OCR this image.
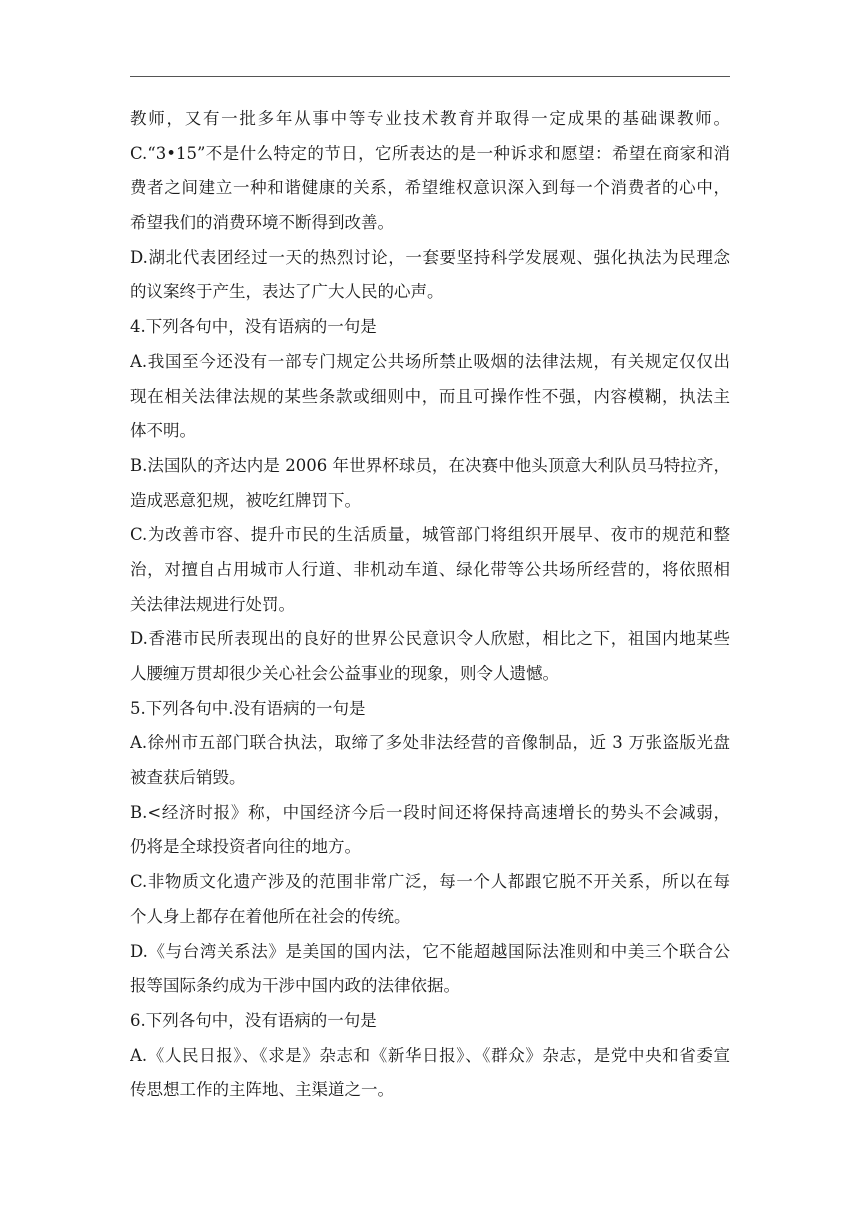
教师，又有一批多年从事中等专业技术教育并取得一定成果的基础课教师。
C.“3•15”不是什么特定的节日，它所表达的是一种诉求和愿望：希望在商家和消
费者之间建立一种和谐健康的关系，希望维权意识深入到每一个消费者的心中，
希望我们的消费环境不断得到改善。
D.湖北代表团经过一天的热烈讨论，一套要坚持科学发展观、强化执法为民理念
的议案终于产生，表达了广大人民的心声。
4.下列各句中，没有语病的一句是
A.我国至今还没有一部专门规定公共场所禁止吸烟的法律法规，有关规定仅仅出
现在相关法律法规的某些条款或细则中，而且可操作性不强，内容模糊，执法主
体不明。
B.法国队的齐达内是 2006 年世界杯球员，在决赛中他头顶意大利队员马特拉齐，
造成恶意犯规，被吃红牌罚下。
C.为改善市容、提升市民的生活质量，城管部门将组织开展早、夜市的规范和整
治，对擅自占用城市人行道、非机动车道、绿化带等公共场所经营的，将依照相
关法律法规进行处罚。
D.香港市民所表现出的良好的世界公民意识令人欣慰，相比之下，祖国内地某些
人腰缠万贯却很少关心社会公益事业的现象，则令人遗憾。
5.下列各句中.没有语病的一句是
A.徐州市五部门联合执法，取缔了多处非法经营的音像制品，近 3 万张盗版光盘
被查获后销毁。
B.<经济时报》称，中国经济今后一段时间还将保持高速增长的势头不会减弱，
仍将是全球投资者向往的地方。
C.非物质文化遗产涉及的范围非常广泛，每一个人都跟它脱不开关系，所以在每
个人身上都存在着他所在社会的传统。
D.《与台湾关系法》是美国的国内法，它不能超越国际法准则和中美三个联合公
报等国际条约成为干涉中国内政的法律依据。
6.下列各句中，没有语病的一句是
A.《人民日报》、《求是》杂志和《新华日报》、《群众》杂志，是党中央和省委宣
传思想工作的主阵地、主渠道之一。
